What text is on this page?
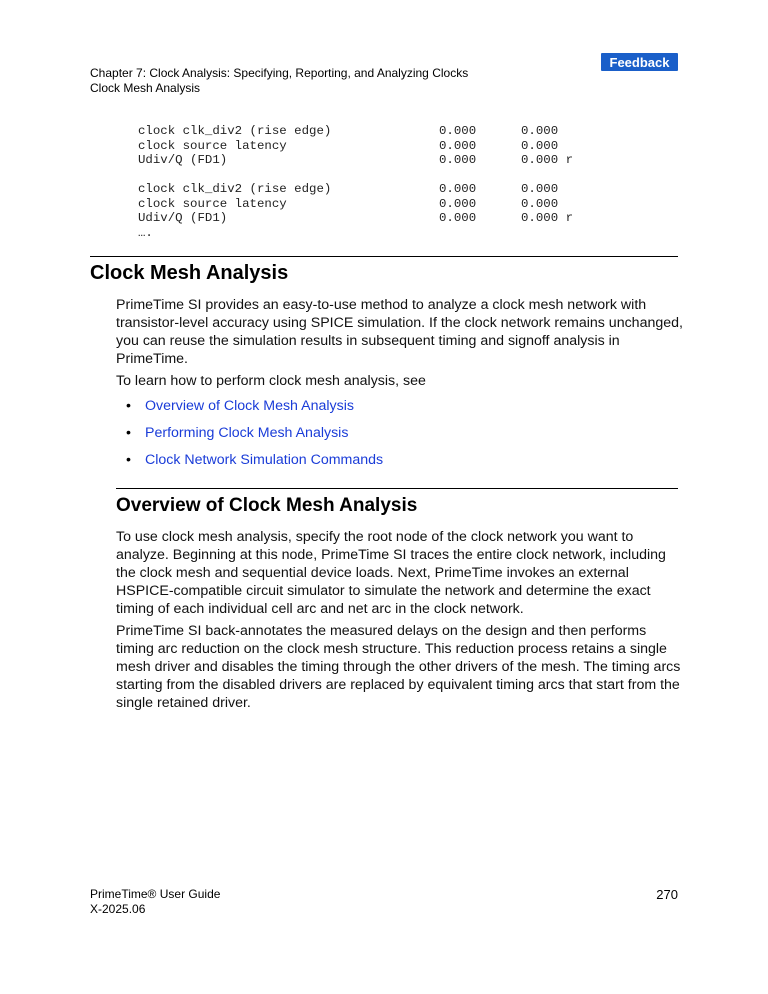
Feedback
Chapter 7: Clock Analysis: Specifying, Reporting, and Analyzing Clocks
Clock Mesh Analysis
clock clk_div2 (rise edge)	0.000	0.000
clock source latency	0.000	0.000
Udiv/Q (FD1)	0.000	0.000 r
clock clk_div2 (rise edge)	0.000	0.000
clock source latency	0.000	0.000
Udiv/Q (FD1)	0.000	0.000 r
….
Clock Mesh Analysis

PrimeTime SI provides an easy-to-use method to analyze a clock mesh network with transistor-level accuracy using SPICE simulation. If the clock network remains unchanged, you can reuse the simulation results in subsequent timing and signoff analysis in PrimeTime.

To learn how to perform clock mesh analysis, see

• Overview of Clock Mesh Analysis
• Performing Clock Mesh Analysis
• Clock Network Simulation Commands
Overview of Clock Mesh Analysis

To use clock mesh analysis, specify the root node of the clock network you want to analyze. Beginning at this node, PrimeTime SI traces the entire clock network, including the clock mesh and sequential device loads. Next, PrimeTime invokes an external HSPICE-compatible circuit simulator to simulate the network and determine the exact timing of each individual cell arc and net arc in the clock network.

PrimeTime SI back-annotates the measured delays on the design and then performs timing arc reduction on the clock mesh structure. This reduction process retains a single mesh driver and disables the timing through the other drivers of the mesh. The timing arcs starting from the disabled drivers are replaced by equivalent timing arcs that start from the single retained driver.

PrimeTime® User Guide
X-2025.06
270
